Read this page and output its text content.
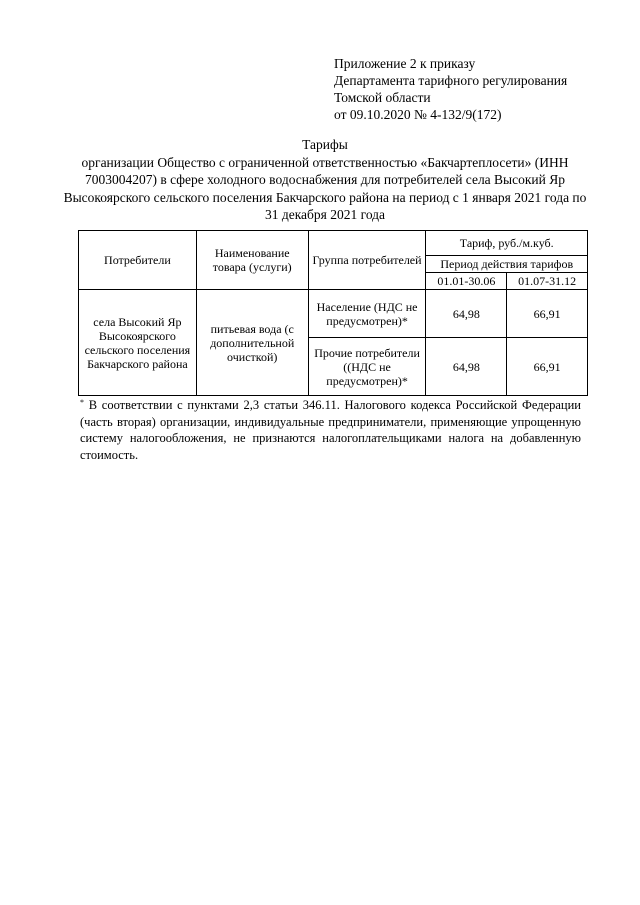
Приложение 2 к приказу
Департамента тарифного регулирования
Томской области
от 09.10.2020 № 4-132/9(172)
Тарифы
организации Общество с ограниченной ответственностью «Бакчартеплосети» (ИНН 7003004207) в сфере холодного водоснабжения для потребителей села Высокий Яр Высокоярского сельского поселения Бакчарского района на период с 1 января 2021 года по 31 декабря 2021 года
Потребители	Наименование товара (услуги)	Группа потребителей	Тариф, руб./м.куб.	
			Период действия тарифов	
			01.01-30.06	01.07-31.12
села Высокий Яр Высокоярского сельского поселения Бакчарского района	питьевая вода (с дополнительной очисткой)	Население (НДС не предусмотрен)*	64,98	66,91
		Прочие потребители ((НДС не предусмотрен)*	64,98	66,91
* В соответствии с пунктами 2,3 статьи 346.11. Налогового кодекса Российской Федерации (часть вторая) организации, индивидуальные предприниматели, применяющие упрощенную систему налогообложения, не признаются налогоплательщиками налога на добавленную стоимость.
